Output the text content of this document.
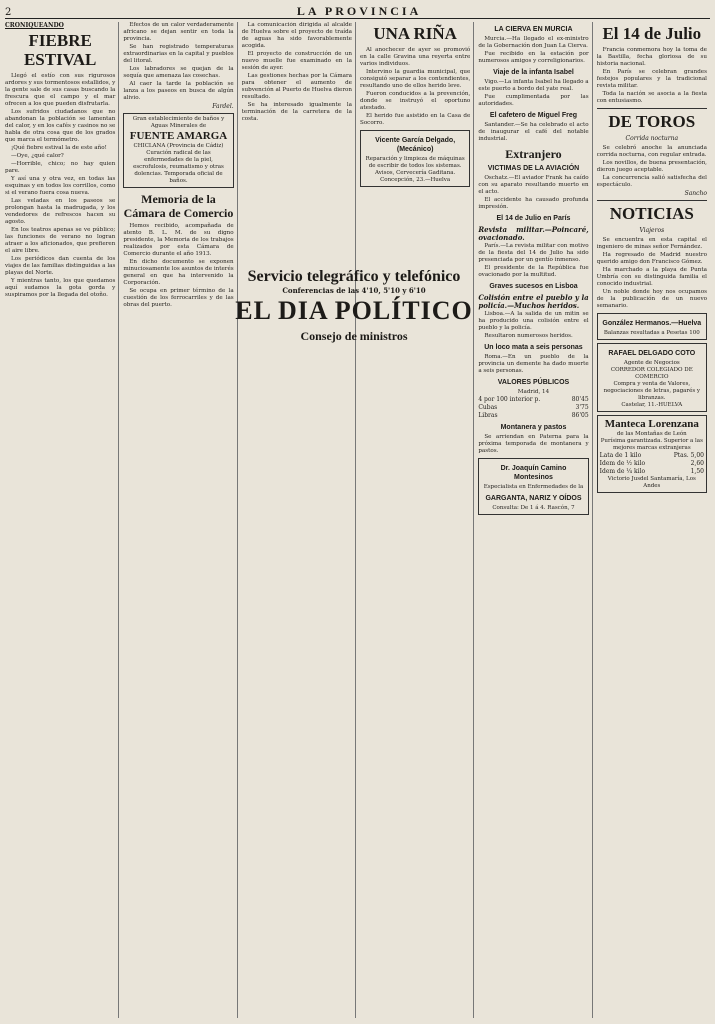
2	LA PROVINCIA

CRONIQUEANDO
FIEBRE ESTIVAL

Llegó el estío con sus rigurosos ardores y sus tormentosos estallidos, y la gente sale de sus casas buscando la frescura que el campo y el mar ofrecen a los que pueden disfrutarla.

Los sufridos ciudadanos que no abandonan la población se lamentan del calor, y en los cafés y casinos no se habla de otra cosa que de los grados que marca el termómetro.

¡Qué fiebre estival la de este año!

—Oye, ¿qué calor?

—Horrible, chico; no hay quien pare.

Y así una y otra vez, en todas las esquinas y en todos los corrillos, como si el verano fuera cosa nueva.

Las veladas en los paseos se prolongan hasta la madrugada, y los vendedores de refrescos hacen su agosto.

En los teatros apenas se ve público; las funciones de verano no logran atraer a los aficionados, que prefieren el aire libre.

Los periódicos dan cuenta de los viajes de las familias distinguidas a las playas del Norte.

Y mientras tanto, los que quedamos aquí sudamos la gota gorda y suspiramos por la llegada del otoño.

Efectos de un calor verdaderamente africano se dejan sentir en toda la provincia.

Se han registrado temperaturas extraordinarias en la capital y pueblos del litoral.

Los labradores se quejan de la sequía que amenaza las cosechas.

Al caer la tarde la población se lanza a los paseos en busca de algún alivio.

Fardel.
Gran establecimiento de baños y Aguas Minerales de
FUENTE AMARGA
CHICLANA (Provincia de Cádiz)
Curación radical de las enfermedades de la piel, escrofulosis, reumatismo y otras dolencias. Temporada oficial de baños.
Memoria de la Cámara de Comercio

Hemos recibido, acompañada de atento B. L. M. de su digno presidente, la Memoria de los trabajos realizados por esta Cámara de Comercio durante el año 1913.

En dicho documento se exponen minuciosamente los asuntos de interés general en que ha intervenido la Corporación.

Se ocupa en primer término de la cuestión de los ferrocarriles y de las obras del puerto.

La comunicación dirigida al alcalde de Huelva sobre el proyecto de traída de aguas ha sido favorablemente acogida.

El proyecto de construcción de un nuevo muelle fue examinado en la sesión de ayer.

Las gestiones hechas por la Cámara para obtener el aumento de subvención al Puerto de Huelva dieron resultado.

Se ha interesado igualmente la terminación de la carretera de la costa.

UNA RIÑA

Al anochecer de ayer se promovió en la calle Gravina una reyerta entre varios individuos.

Intervino la guardia municipal, que consiguió separar a los contendientes, resultando uno de ellos herido leve.

Fueron conducidos a la prevención, donde se instruyó el oportuno atestado.

El herido fue asistido en la Casa de Socorro.

Vicente García Delgado, (Mecánico)
Reparación y limpieza de máquinas de escribir de todos los sistemas.
Avisos, Cervecería Gaditana. Concepción, 23.—Huelva
LA CIERVA EN MURCIA

Murcia.—Ha llegado el ex-ministro de la Gobernación don Juan La Cierva.

Fue recibido en la estación por numerosos amigos y correligionarios.

Viaje de la infanta Isabel

Vigo.—La infanta Isabel ha llegado a este puerto a bordo del yate real.

Fue cumplimentada por las autoridades.

El cafetero de Miguel Freg

Santander.—Se ha celebrado el acto de inaugurar el café del notable industrial.

Extranjero
VICTIMAS DE LA AVIACIÓN

Oschatz.—El aviador Frank ha caído con su aparato resultando muerto en el acto.

El accidente ha causado profunda impresión.

El 14 de Julio en París
Revista militar.—Poincaré, ovacionado.

París.—La revista militar con motivo de la fiesta del 14 de Julio ha sido presenciada por un gentío inmenso.

El presidente de la República fue ovacionado por la multitud.

Graves sucesos en Lisboa
Colisión entre el pueblo y la policía.—Muchos heridos.

Lisboa.—A la salida de un mitin se ha producido una colisión entre el pueblo y la policía.

Resultaron numerosos heridos.

Un loco mata a seis personas

Roma.—En un pueblo de la provincia un demente ha dado muerte a seis personas.

VALORES PÚBLICOS
Madrid, 14
4 por 100 interior p.	80'45
Cubas	3'75
Libras	86'05
Montanera y pastos

Se arriendan en Paterna para la próxima temporada de montanera y pastos.

Dr. Joaquín Camino Montesinos
Especialista en Enfermedades de la
GARGANTA, NARIZ Y OÍDOS
Consulta: De 1 á 4. Rascón, 7
El 14 de Julio

Francia conmemora hoy la toma de la Bastilla, fecha gloriosa de su historia nacional.

En París se celebran grandes festejos populares y la tradicional revista militar.

Toda la nación se asocia a la fiesta con entusiasmo.

DE TOROS
Corrida nocturna

Se celebró anoche la anunciada corrida nocturna, con regular entrada.

Los novillos, de buena presentación, dieron juego aceptable.

La concurrencia salió satisfecha del espectáculo.

Sancho
NOTICIAS
Viajeros

Se encuentra en esta capital el ingeniero de minas señor Fernández.

Ha regresado de Madrid nuestro querido amigo don Francisco Gómez.

Ha marchado a la playa de Punta Umbría con su distinguida familia el conocido industrial.

Un noble donde hoy nos ocupamos de la publicación de un nuevo semanario.

González Hermanos.—Huelva
Balanzas resultadas a Pesetas 100
RAFAEL DELGADO COTO
Agente de Negocios
CORREDOR COLEGIADO DE COMERCIO
Compra y venta de Valores, negociaciones de letras, pagarés y libranzas.
Castelar, 11.-HUELVA
Manteca Lorenzana
de las Montañas de León
Purísima garantizada. Superior a las mejores marcas extranjeras
Lata de 1 kilo	Ptas. 5,00
Idem de ½ kilo	2,60
Idem de ¼ kilo	1,50
Victorio Jusdel Santamaría, Los Andes
Servicio telegráfico y telefónico
Conferencias de las 4'10, 5'10 y 6'10
EL DIA POLÍTICO
Consejo de ministros
